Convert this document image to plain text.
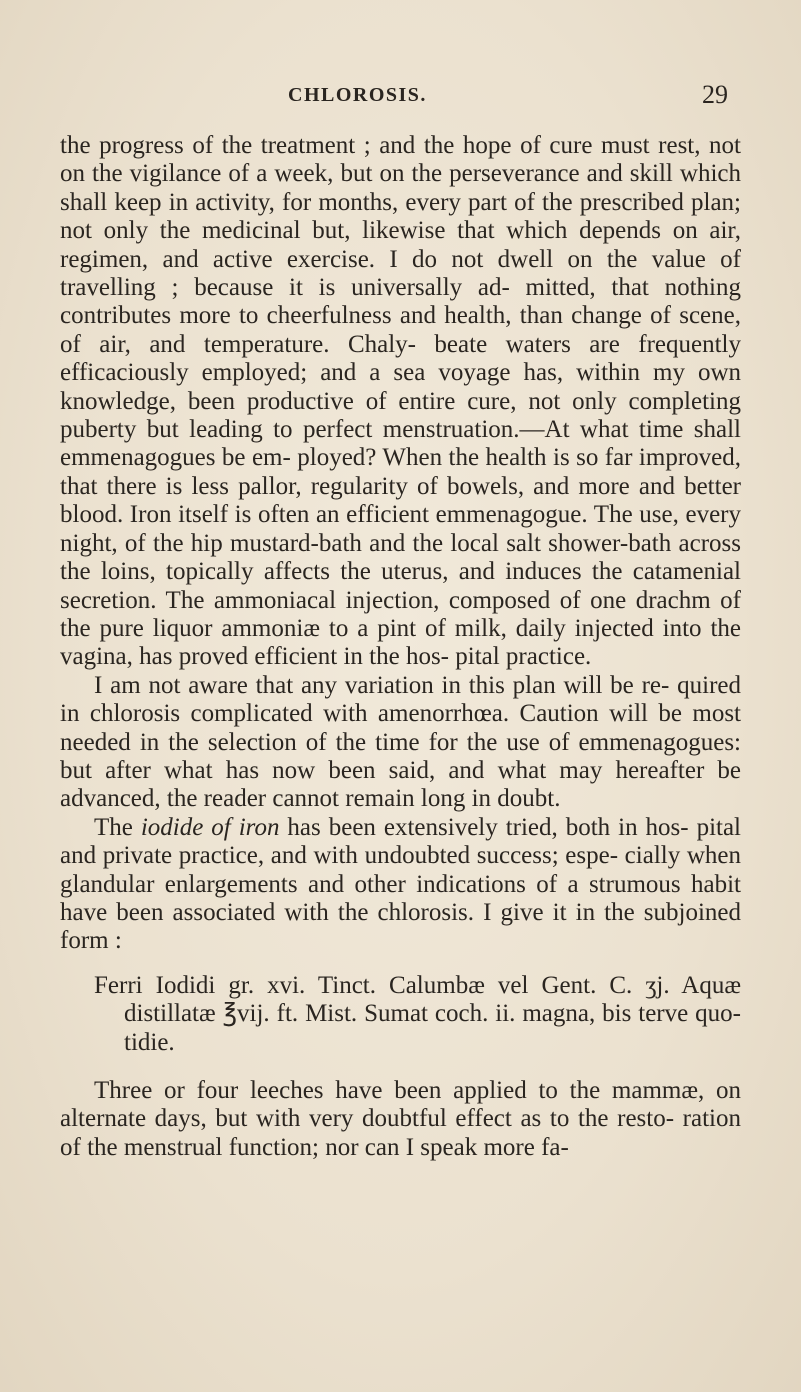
CHLOROSIS.	29

the progress of the treatment ; and the hope of cure must rest, not on the vigilance of a week, but on the perseverance and skill which shall keep in activity, for months, every part of the prescribed plan; not only the medicinal but, likewise that which depends on air, regimen, and active exercise. I do not dwell on the value of travelling ; because it is universally ad- mitted, that nothing contributes more to cheerfulness and health, than change of scene, of air, and temperature. Chaly- beate waters are frequently efficaciously employed; and a sea voyage has, within my own knowledge, been productive of entire cure, not only completing puberty but leading to perfect menstruation.—At what time shall emmenagogues be em- ployed? When the health is so far improved, that there is less pallor, regularity of bowels, and more and better blood. Iron itself is often an efficient emmenagogue. The use, every night, of the hip mustard-bath and the local salt shower-bath across the loins, topically affects the uterus, and induces the catamenial secretion. The ammoniacal injection, composed of one drachm of the pure liquor ammoniæ to a pint of milk, daily injected into the vagina, has proved efficient in the hos- pital practice.

I am not aware that any variation in this plan will be re- quired in chlorosis complicated with amenorrhœa. Caution will be most needed in the selection of the time for the use of emmenagogues: but after what has now been said, and what may hereafter be advanced, the reader cannot remain long in doubt.

The iodide of iron has been extensively tried, both in hos- pital and private practice, and with undoubted success; espe- cially when glandular enlargements and other indications of a strumous habit have been associated with the chlorosis. I give it in the subjoined form :

Ferri Iodidi gr. xvi. Tinct. Calumbæ vel Gent. C. ʒj. Aquæ distillatæ ℥vij. ft. Mist. Sumat coch. ii. magna, bis terve quo- tidie.

Three or four leeches have been applied to the mammæ, on alternate days, but with very doubtful effect as to the resto- ration of the menstrual function; nor can I speak more fa-
